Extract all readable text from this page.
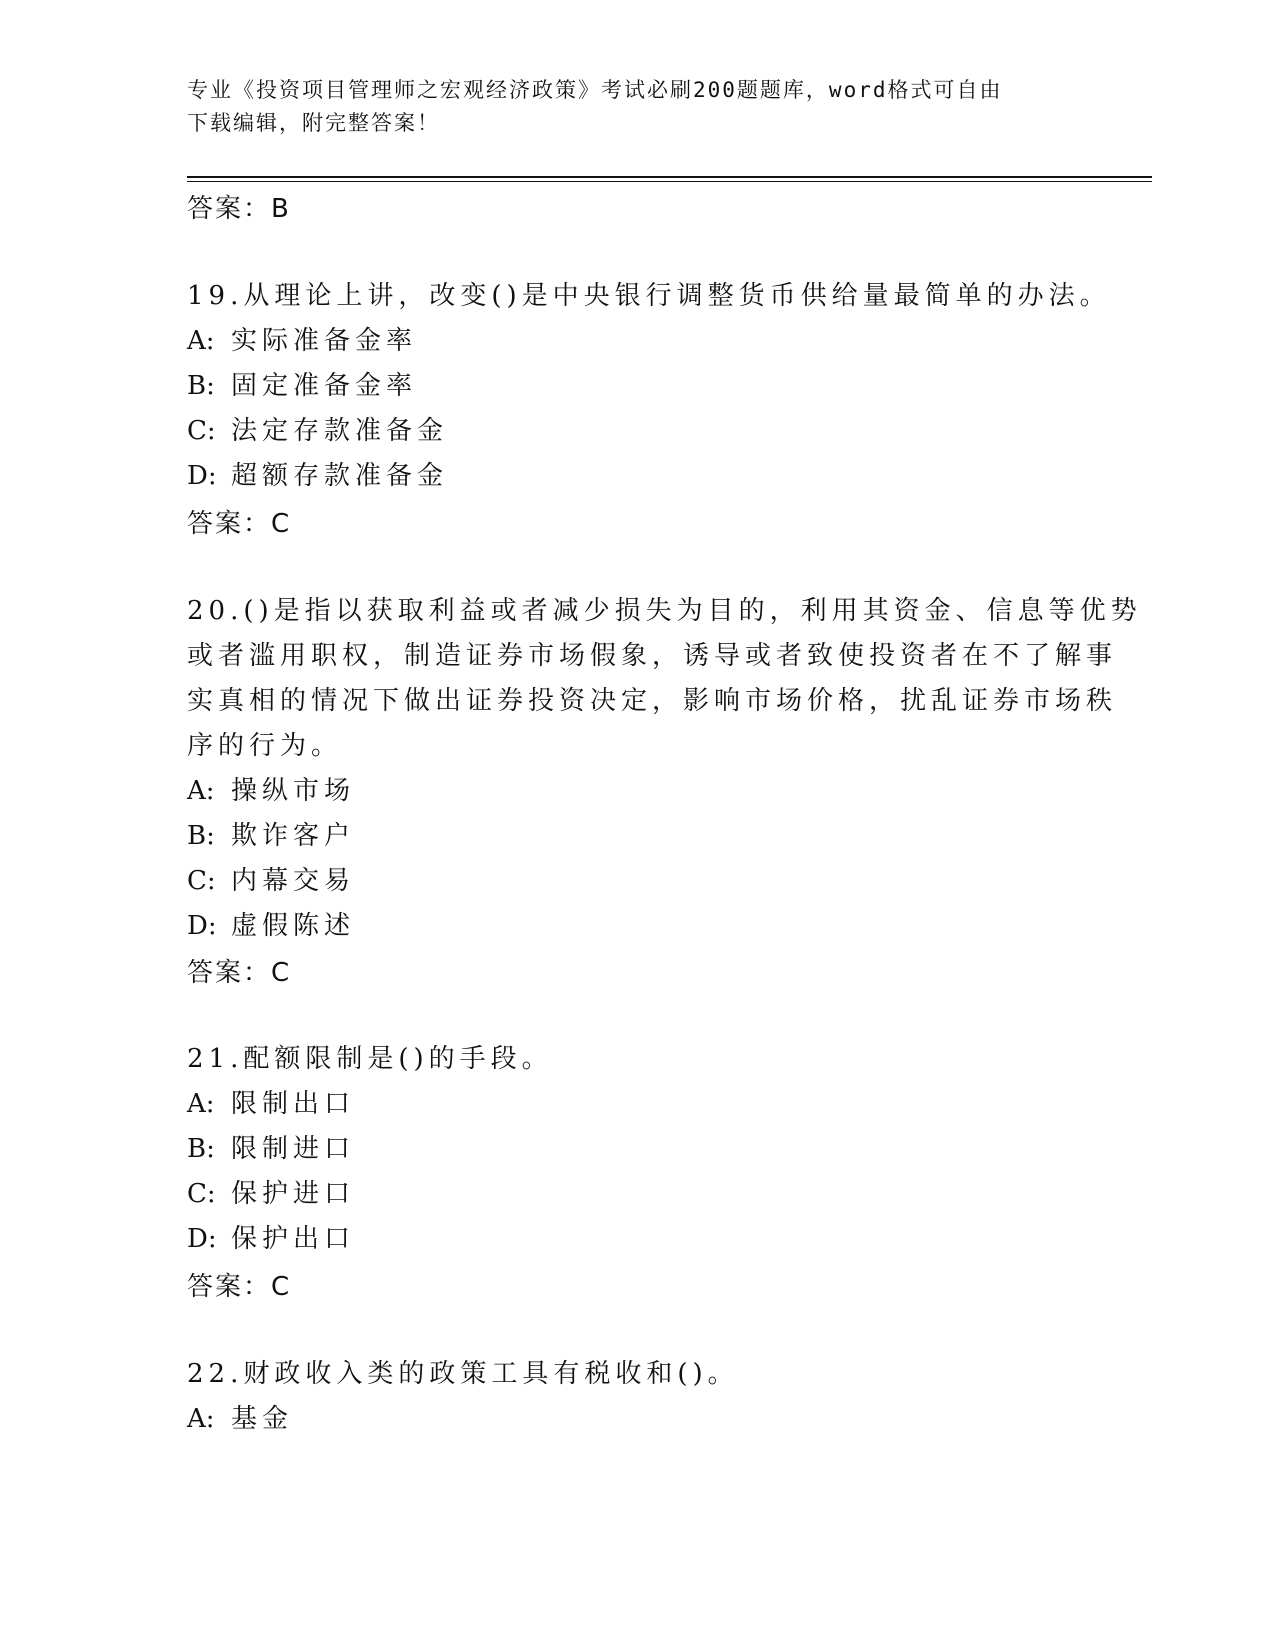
专业《投资项目管理师之宏观经济政策》考试必刷200题题库，word格式可自由
下载编辑，附完整答案！
答案：B
19.从理论上讲，改变()是中央银行调整货币供给量最简单的办法。
A: 实际准备金率
B: 固定准备金率
C: 法定存款准备金
D: 超额存款准备金
答案：C
20.()是指以获取利益或者减少损失为目的，利用其资金、信息等优势
或者滥用职权，制造证券市场假象，诱导或者致使投资者在不了解事
实真相的情况下做出证券投资决定，影响市场价格，扰乱证券市场秩
序的行为。
A: 操纵市场
B: 欺诈客户
C: 内幕交易
D: 虚假陈述
答案：C
21.配额限制是()的手段。
A: 限制出口
B: 限制进口
C: 保护进口
D: 保护出口
答案：C
22.财政收入类的政策工具有税收和()。
A: 基金
